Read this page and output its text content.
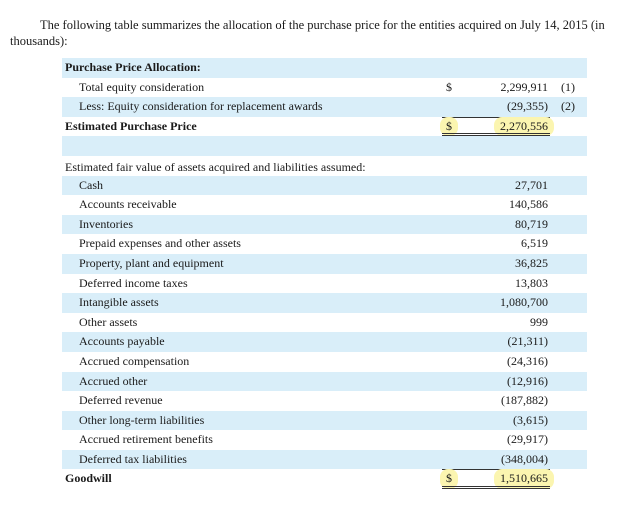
The following table summarizes the allocation of the purchase price for the entities acquired on July 14, 2015 (in thousands):
Purchase Price Allocation:
Total equity consideration	$	2,299,911 (1)
Less: Equity consideration for replacement awards	(29,355) (2)
Estimated Purchase Price	$	2,270,556
Estimated fair value of assets acquired and liabilities assumed:
Cash	27,701
Accounts receivable	140,586
Inventories	80,719
Prepaid expenses and other assets	6,519
Property, plant and equipment	36,825
Deferred income taxes	13,803
Intangible assets	1,080,700
Other assets	999
Accounts payable	(21,311)
Accrued compensation	(24,316)
Accrued other	(12,916)
Deferred revenue	(187,882)
Other long-term liabilities	(3,615)
Accrued retirement benefits	(29,917)
Deferred tax liabilities	(348,004)
Goodwill	$	1,510,665
